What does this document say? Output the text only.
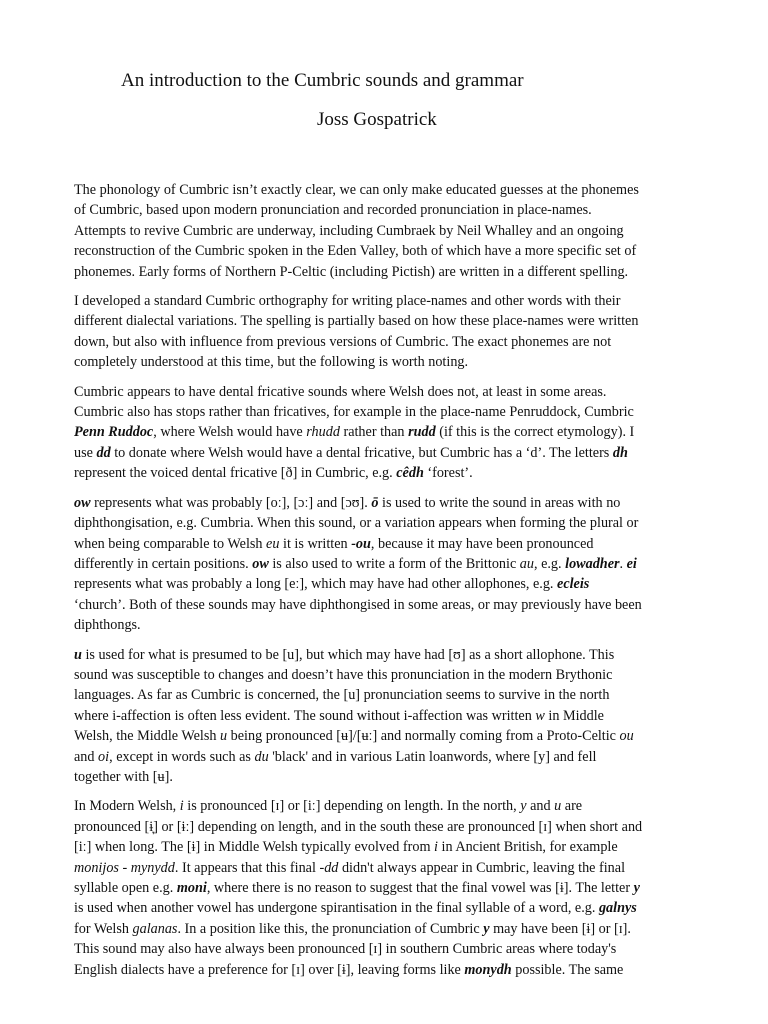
An introduction to the Cumbric sounds and grammar
Joss Gospatrick

The phonology of Cumbric isn’t exactly clear, we can only make educated guesses at the phonemes
of Cumbric, based upon modern pronunciation and recorded pronunciation in place-names.
Attempts to revive Cumbric are underway, including Cumbraek by Neil Whalley and an ongoing
reconstruction of the Cumbric spoken in the Eden Valley, both of which have a more specific set of
phonemes. Early forms of Northern P-Celtic (including Pictish) are written in a different spelling.

I developed a standard Cumbric orthography for writing place-names and other words with their
different dialectal variations. The spelling is partially based on how these place-names were written
down, but also with influence from previous versions of Cumbric. The exact phonemes are not
completely understood at this time, but the following is worth noting.

Cumbric appears to have dental fricative sounds where Welsh does not, at least in some areas.
Cumbric also has stops rather than fricatives, for example in the place-name Penruddock, Cumbric
Penn Ruddoc, where Welsh would have rhudd rather than rudd (if this is the correct etymology). I
use dd to donate where Welsh would have a dental fricative, but Cumbric has a ‘d’. The letters dh
represent the voiced dental fricative [ð] in Cumbric, e.g. cêdh ‘forest’.

ow represents what was probably [oː], [ɔː] and [ɔʊ]. ō is used to write the sound in areas with no
diphthongisation, e.g. Cumbria. When this sound, or a variation appears when forming the plural or
when being comparable to Welsh eu it is written -ou, because it may have been pronounced
differently in certain positions. ow is also used to write a form of the Brittonic au, e.g. lowadher. ei
represents what was probably a long [eː], which may have had other allophones, e.g. ecleis
‘church’. Both of these sounds may have diphthongised in some areas, or may previously have been
diphthongs.

u is used for what is presumed to be [u], but which may have had [ʊ] as a short allophone. This
sound was susceptible to changes and doesn’t have this pronunciation in the modern Brythonic
languages. As far as Cumbric is concerned, the [u] pronunciation seems to survive in the north
where i-affection is often less evident. The sound without i-affection was written w in Middle
Welsh, the Middle Welsh u being pronounced [ʉ]/[ʉː] and normally coming from a Proto-Celtic ou
and oi, except in words such as du 'black' and in various Latin loanwords, where [y] and fell
together with [ʉ].

In Modern Welsh, i is pronounced [ɪ] or [iː] depending on length. In the north, y and u are
pronounced [ɨ̞] or [ɨː] depending on length, and in the south these are pronounced [ɪ] when short and
[iː] when long. The [ɨ] in Middle Welsh typically evolved from i in Ancient British, for example
monijos - mynydd. It appears that this final -dd didn't always appear in Cumbric, leaving the final
syllable open e.g. moni, where there is no reason to suggest that the final vowel was [ɨ]. The letter y
is used when another vowel has undergone spirantisation in the final syllable of a word, e.g. galnys
for Welsh galanas. In a position like this, the pronunciation of Cumbric y may have been [ɨ] or [ɪ].
This sound may also have always been pronounced [ɪ] in southern Cumbric areas where today's
English dialects have a preference for [ɪ] over [ɨ], leaving forms like monydh possible. The same
